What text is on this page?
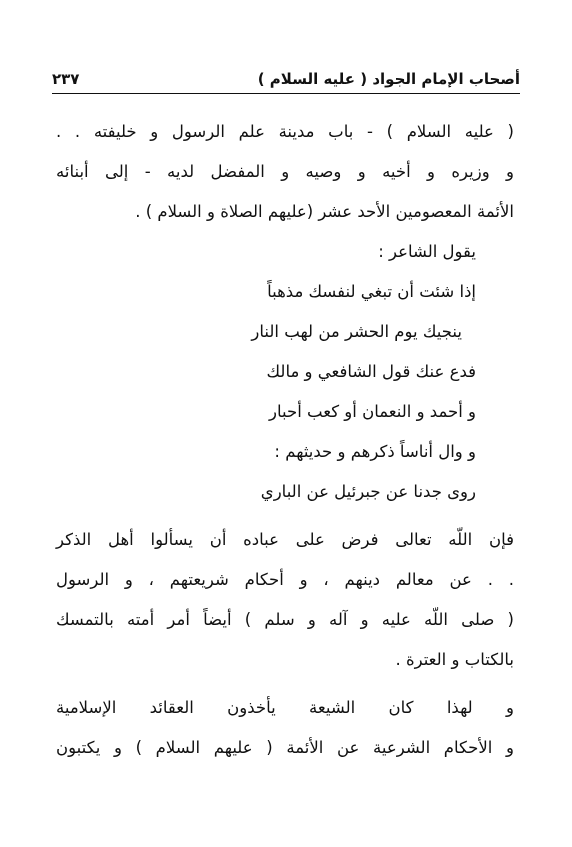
أصحاب الإمام الجواد ( عليه السلام )
٢٣٧
( عليه السلام ) - باب مدينة علم الرسول و خليفته . .
و وزيره و أخيه و وصيه و المفضل لديه - إلى أبنائه
الأئمة المعصومين الأحد عشر (عليهم الصلاة و السلام ) .
يقول الشاعر :
إذا شئت أن تبغي لنفسك مذهباً
ينجيك يوم الحشر من لهب النار
فدع عنك قول الشافعي و مالك
و أحمد و النعمان أو كعب أحبار
و وال أناساً ذكرهم و حديثهم :
روى جدنا عن جبرئيل عن الباري
فإن اللّه تعالى فرض على عباده أن يسألوا أهل الذكر
. . عن معالم دينهم ، و أحكام شريعتهم ، و الرسول
( صلى اللّه عليه و آله و سلم ) أيضاً أمر أمته بالتمسك
بالكتاب و العترة .
و لهذا كان الشيعة يأخذون العقائد الإسلامية
و الأحكام الشرعية عن الأئمة ( عليهم السلام ) و يكتبون
